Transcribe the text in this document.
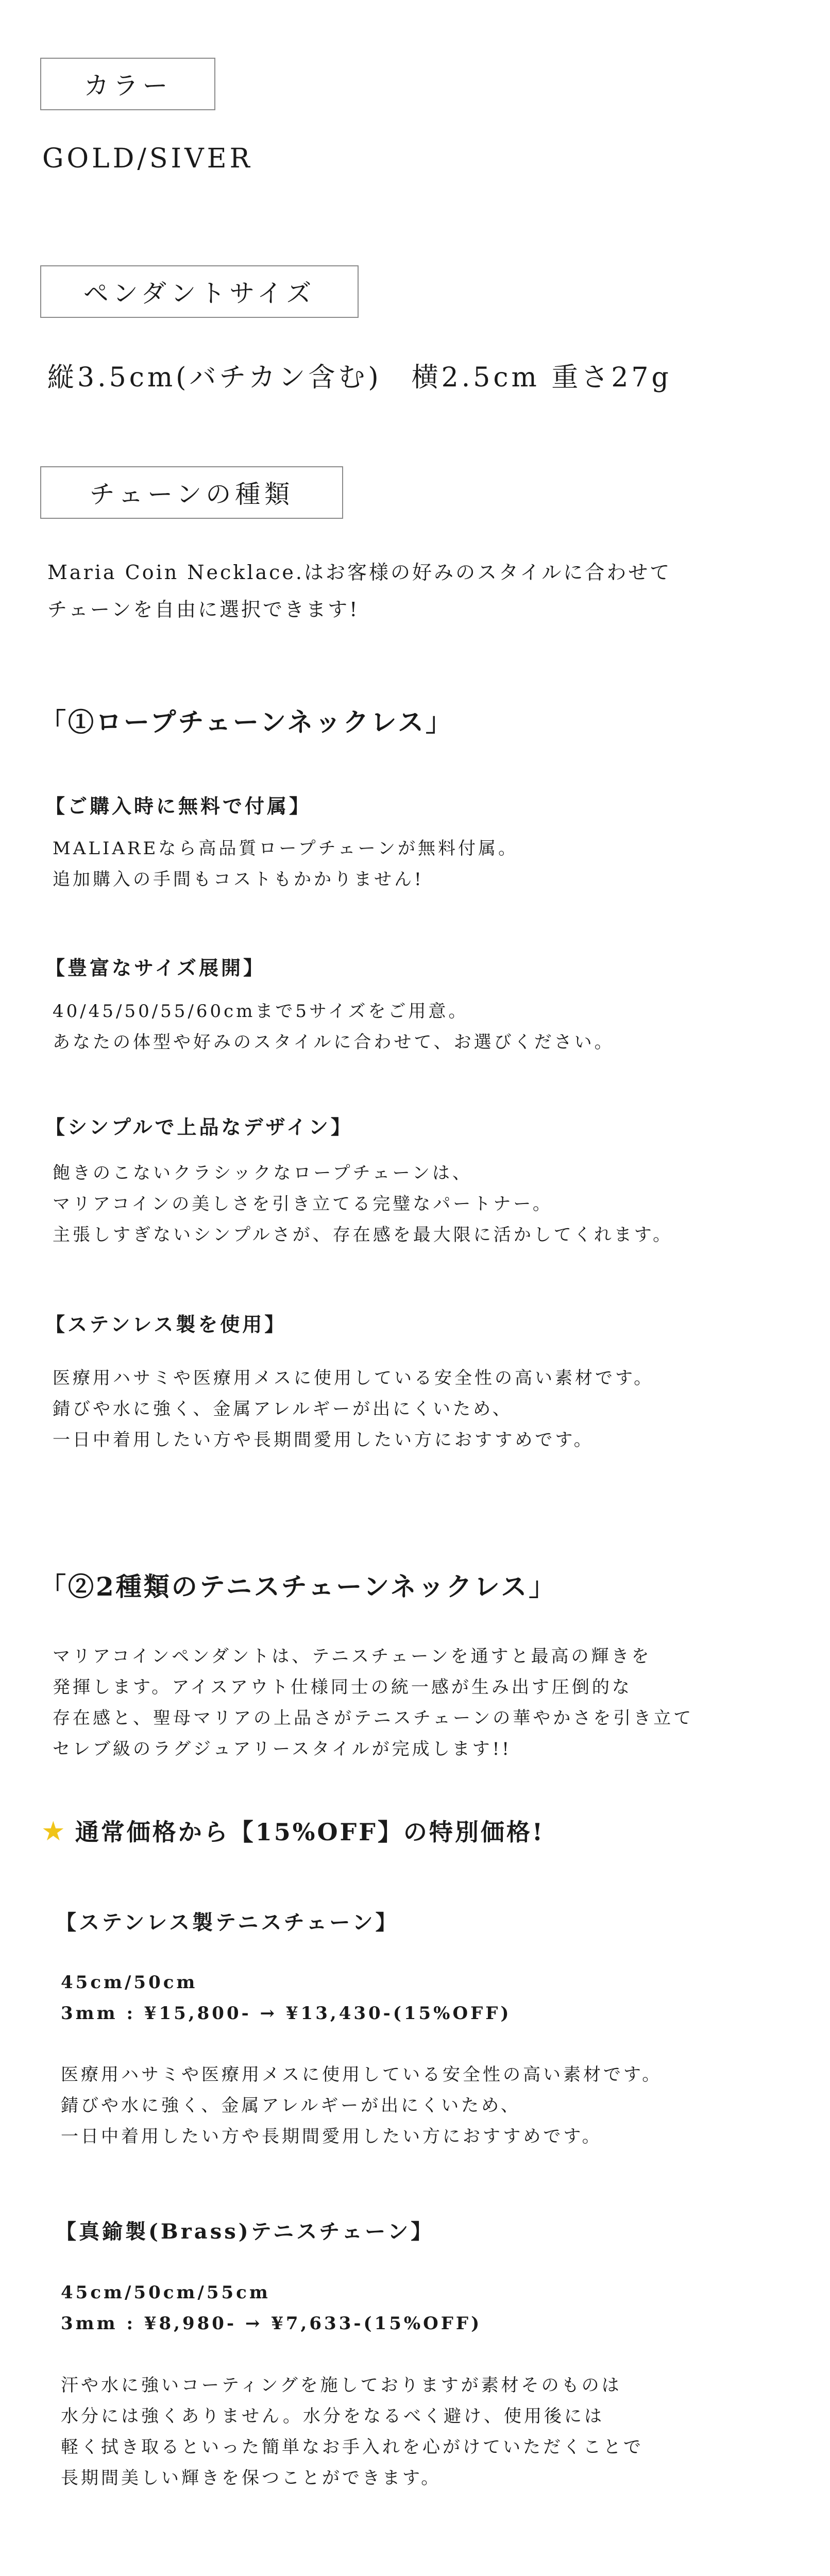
カラー
GOLD/SIVER
ペンダントサイズ
縦3.5cm(バチカン含む)　横2.5cm 重さ27g
チェーンの種類
Maria Coin Necklace.はお客様の好みのスタイルに合わせて
チェーンを自由に選択できます!
「①ロープチェーンネックレス」
【ご購入時に無料で付属】
MALIAREなら高品質ロープチェーンが無料付属。
追加購入の手間もコストもかかりません!
【豊富なサイズ展開】
40/45/50/55/60cmまで5サイズをご用意。
あなたの体型や好みのスタイルに合わせて、お選びください。
【シンプルで上品なデザイン】
飽きのこないクラシックなロープチェーンは、
マリアコインの美しさを引き立てる完璧なパートナー。
主張しすぎないシンプルさが、存在感を最大限に活かしてくれます。
【ステンレス製を使用】
医療用ハサミや医療用メスに使用している安全性の高い素材です。
錆びや水に強く、金属アレルギーが出にくいため、
一日中着用したい方や長期間愛用したい方におすすめです。
「②2種類のテニスチェーンネックレス」
マリアコインペンダントは、テニスチェーンを通すと最高の輝きを
発揮します。アイスアウト仕様同士の統一感が生み出す圧倒的な
存在感と、聖母マリアの上品さがテニスチェーンの華やかさを引き立て
セレブ級のラグジュアリースタイルが完成します!!
★ 通常価格から【15%OFF】の特別価格!
【ステンレス製テニスチェーン】
45cm/50cm
3mm : ¥15,800- → ¥13,430-(15%OFF)
医療用ハサミや医療用メスに使用している安全性の高い素材です。
錆びや水に強く、金属アレルギーが出にくいため、
一日中着用したい方や長期間愛用したい方におすすめです。
【真鍮製(Brass)テニスチェーン】
45cm/50cm/55cm
3mm : ¥8,980- → ¥7,633-(15%OFF)
汗や水に強いコーティングを施しておりますが素材そのものは
水分には強くありません。水分をなるべく避け、使用後には
軽く拭き取るといった簡単なお手入れを心がけていただくことで
長期間美しい輝きを保つことができます。
